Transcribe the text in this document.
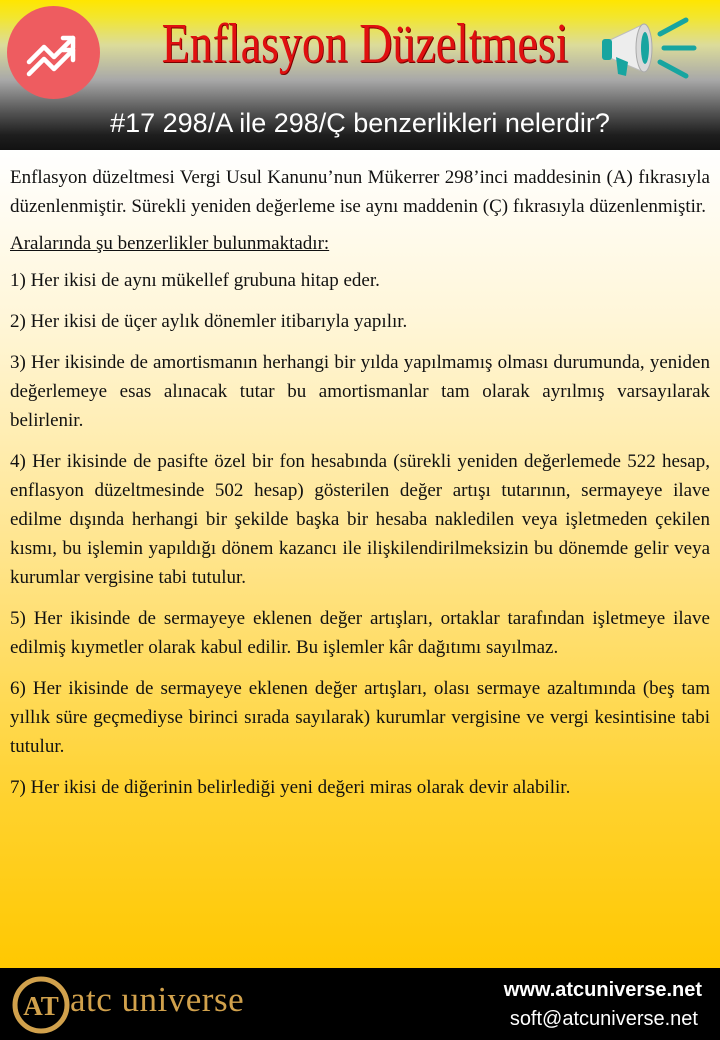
Enflasyon Düzeltmesi
#17 298/A ile 298/Ç benzerlikleri nelerdir?

Enflasyon düzeltmesi Vergi Usul Kanunu’nun Mükerrer 298’inci maddesinin (A) fıkrasıyla düzenlenmiştir. Sürekli yeniden değerleme ise aynı maddenin (Ç) fıkrasıyla düzenlenmiştir.

Aralarında şu benzerlikler bulunmaktadır:

1) Her ikisi de aynı mükellef grubuna hitap eder.

2) Her ikisi de üçer aylık dönemler itibarıyla yapılır.

3) Her ikisinde de amortismanın herhangi bir yılda yapılmamış olması durumunda, yeniden değerlemeye esas alınacak tutar bu amortismanlar tam olarak ayrılmış varsayılarak belirlenir.

4) Her ikisinde de pasifte özel bir fon hesabında (sürekli yeniden değerlemede 522 hesap, enflasyon düzeltmesinde 502 hesap) gösterilen değer artışı tutarının, sermayeye ilave edilme dışında herhangi bir şekilde başka bir hesaba nakledilen veya işletmeden çekilen kısmı, bu işlemin yapıldığı dönem kazancı ile ilişkilendirilmeksizin bu dönemde gelir veya kurumlar vergisine tabi tutulur.

5) Her ikisinde de sermayeye eklenen değer artışları, ortaklar tarafından işletmeye ilave edilmiş kıymetler olarak kabul edilir. Bu işlemler kâr dağıtımı sayılmaz.

6) Her ikisinde de sermayeye eklenen değer artışları, olası sermaye azaltımında (beş tam yıllık süre geçmediyse birinci sırada sayılarak) kurumlar vergisine ve vergi kesintisine tabi tutulur.

7) Her ikisi de diğerinin belirlediği yeni değeri miras olarak devir alabilir.

AT atc universe	www.atcuniverse.net
soft@atcuniverse.net
